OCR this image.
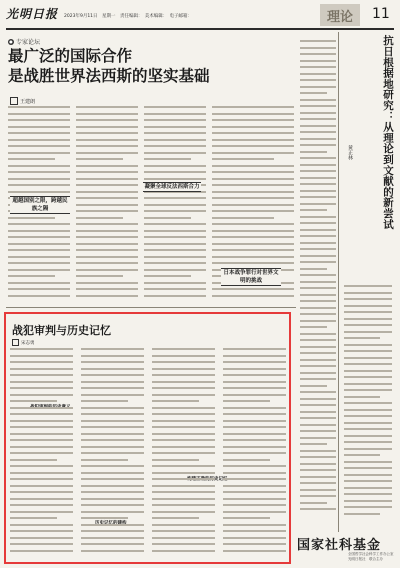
光明日报 2023年9月11日　星期一　责任编辑：　美术编辑：　电子邮箱：	理论	11
● 专家论坛
最广泛的国际合作
是战胜世界法西斯的坚实基础
王建朗
超越国别之限，跨越民族之隔
凝聚全球反法西斯合力
日本战争罪行对世界文明的挑战
抗日根据地研究：从理论到文献的新尝试
黄正林
战犯审判与历史记忆
宋志勇
国家社科基金
全国哲学社会科学工作办公室
光明日报社　联合主办
